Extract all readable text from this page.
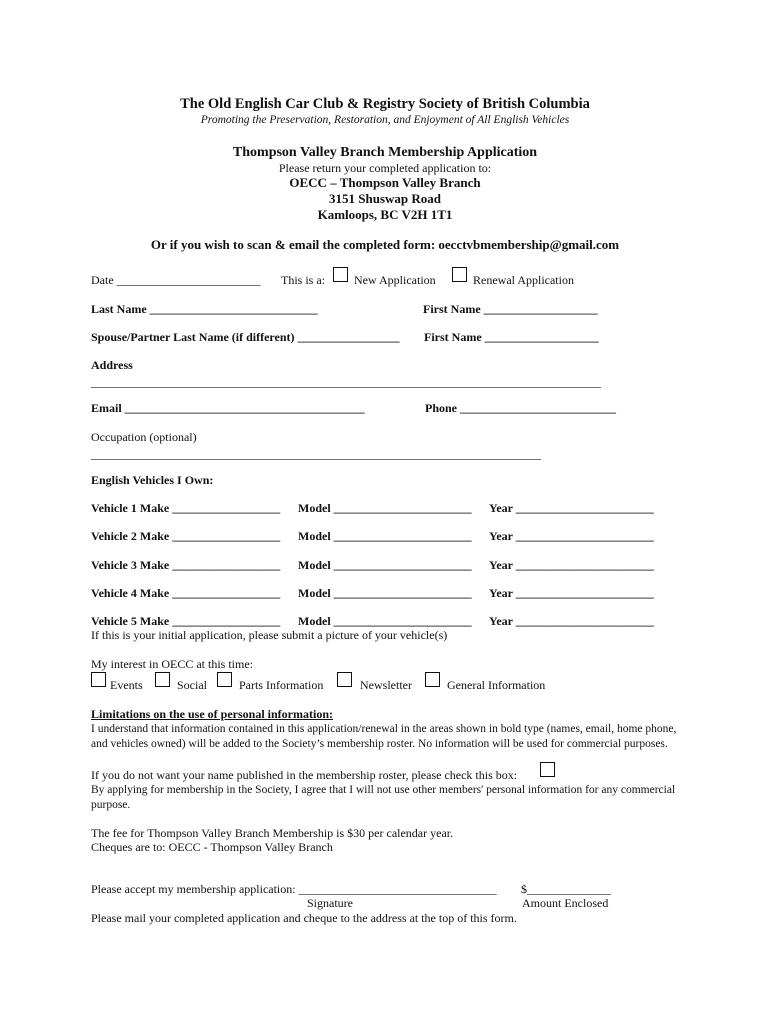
The Old English Car Club & Registry Society of British Columbia
Promoting the Preservation, Restoration, and Enjoyment of All English Vehicles
Thompson Valley Branch Membership Application
Please return your completed application to:
OECC – Thompson Valley Branch
3151 Shuswap Road
Kamloops, BC V2H 1T1
Or if you wish to scan & email the completed form: oecctvbmembership@gmail.com
Date ________________________ This is a: New Application	Renewal Application
Last Name ____________________________	First Name ___________________
Spouse/Partner Last Name (if different) _________________ First Name ___________________
Address
_____________________________________________________________________________________
Email ________________________________________	Phone __________________________
Occupation (optional)
___________________________________________________________________________
English Vehicles I Own:
Vehicle 1 Make __________________ Model _______________________ Year _______________________
Vehicle 2 Make __________________ Model _______________________ Year _______________________
Vehicle 3 Make __________________ Model _______________________ Year _______________________
Vehicle 4 Make __________________ Model _______________________ Year _______________________
Vehicle 5 Make __________________ Model _______________________ Year _______________________
If this is your initial application, please submit a picture of your vehicle(s)
My interest in OECC at this time:
Events	Social	Parts Information	Newsletter	General Information
Limitations on the use of personal information:
I understand that information contained in this application/renewal in the areas shown in bold type (names, email, home phone, and vehicles owned) will be added to the Society’s membership roster. No information will be used for commercial purposes.
If you do not want your name published in the membership roster, please check this box:
By applying for membership in the Society, I agree that I will not use other members' personal information for any commercial purpose.
The fee for Thompson Valley Branch Membership is $30 per calendar year.
Cheques are to: OECC - Thompson Valley Branch
Please accept my membership application: _________________________________ $______________
Signature	Amount Enclosed
Please mail your completed application and cheque to the address at the top of this form.
